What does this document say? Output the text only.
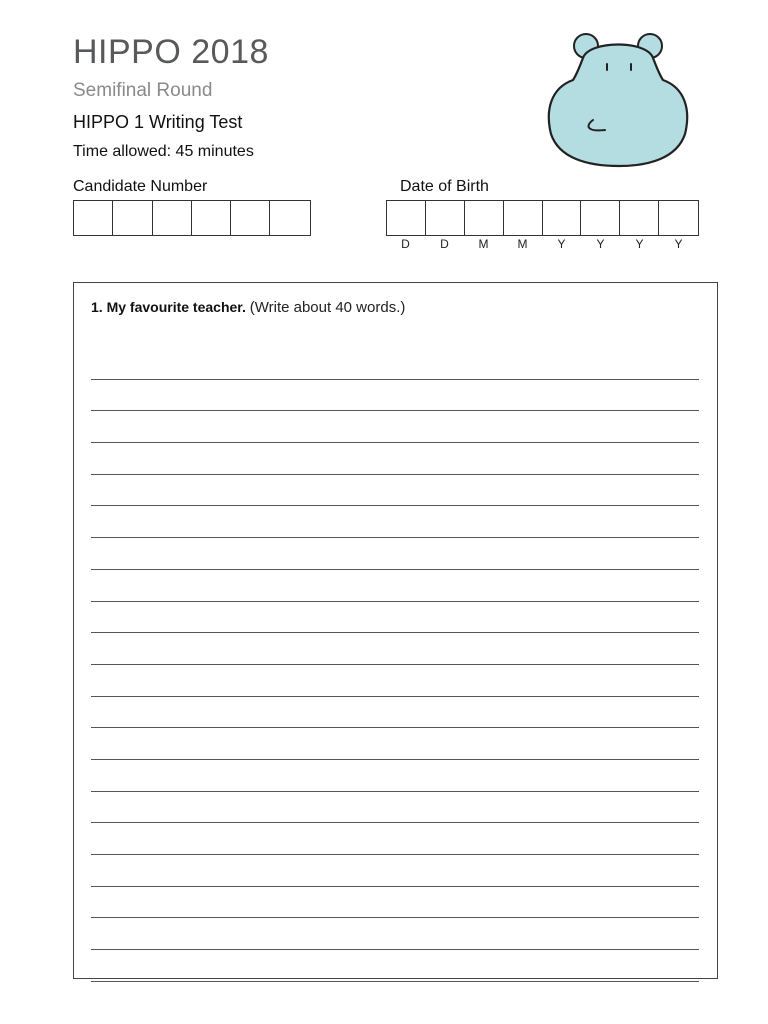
HIPPO 2018
Semifinal Round
HIPPO 1 Writing Test
Time allowed: 45 minutes
Candidate Number	Date of Birth
D	D	M	M	Y	Y	Y	Y
1. My favourite teacher. (Write about 40 words.)
